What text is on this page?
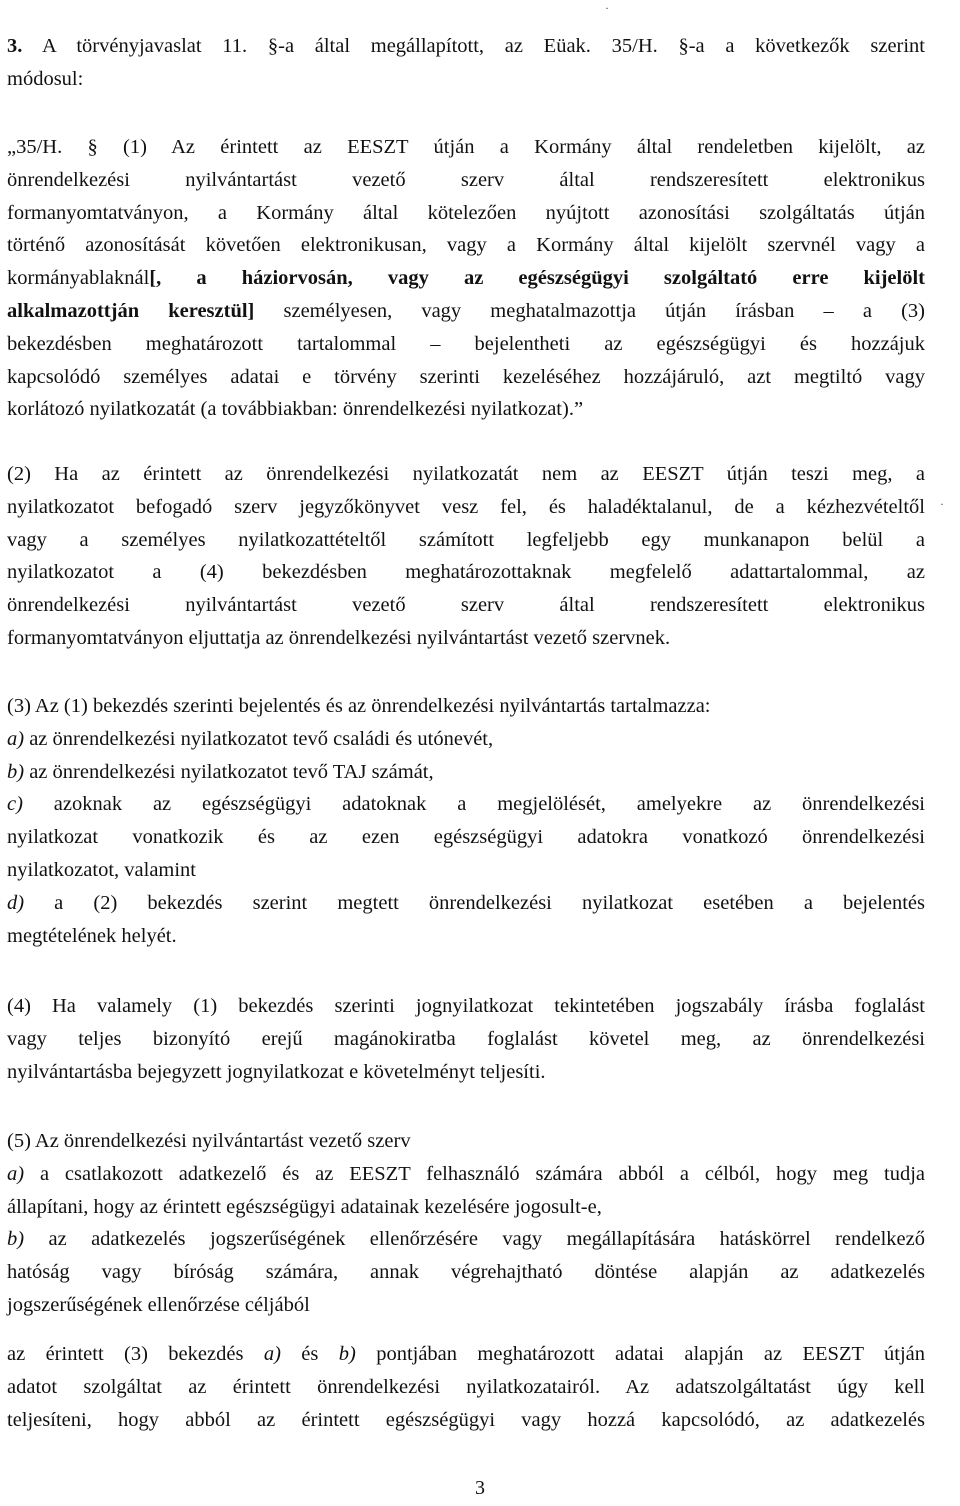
3. A törvényjavaslat 11. §-a által megállapított, az Eüak. 35/H. §-a a következők szerint
módosul:
„35/H. § (1) Az érintett az EESZT útján a Kormány által rendeletben kijelölt, az
önrendelkezési nyilvántartást vezető szerv által rendszeresített elektronikus
formanyomtatványon, a Kormány által kötelezően nyújtott azonosítási szolgáltatás útján
történő azonosítását követően elektronikusan, vagy a Kormány által kijelölt szervnél vagy a
kormányablaknál[, a háziorvosán, vagy az egészségügyi szolgáltató erre kijelölt
alkalmazottján keresztül] személyesen, vagy meghatalmazottja útján írásban – a (3)
bekezdésben meghatározott tartalommal – bejelentheti az egészségügyi és hozzájuk
kapcsolódó személyes adatai e törvény szerinti kezeléséhez hozzájáruló, azt megtiltó vagy
korlátozó nyilatkozatát (a továbbiakban: önrendelkezési nyilatkozat).”
(2) Ha az érintett az önrendelkezési nyilatkozatát nem az EESZT útján teszi meg, a
nyilatkozatot befogadó szerv jegyzőkönyvet vesz fel, és haladéktalanul, de a kézhezvételtől
vagy a személyes nyilatkozattételtől számított legfeljebb egy munkanapon belül a
nyilatkozatot a (4) bekezdésben meghatározottaknak megfelelő adattartalommal, az
önrendelkezési nyilvántartást vezető szerv által rendszeresített elektronikus
formanyomtatványon eljuttatja az önrendelkezési nyilvántartást vezető szervnek.
(3) Az (1) bekezdés szerinti bejelentés és az önrendelkezési nyilvántartás tartalmazza:
a) az önrendelkezési nyilatkozatot tevő családi és utónevét,
b) az önrendelkezési nyilatkozatot tevő TAJ számát,
c) azoknak az egészségügyi adatoknak a megjelölését, amelyekre az önrendelkezési
nyilatkozat vonatkozik és az ezen egészségügyi adatokra vonatkozó önrendelkezési
nyilatkozatot, valamint
d) a (2) bekezdés szerint megtett önrendelkezési nyilatkozat esetében a bejelentés
megtételének helyét.
(4) Ha valamely (1) bekezdés szerinti jognyilatkozat tekintetében jogszabály írásba foglalást
vagy teljes bizonyító erejű magánokiratba foglalást követel meg, az önrendelkezési
nyilvántartásba bejegyzett jognyilatkozat e követelményt teljesíti.
(5) Az önrendelkezési nyilvántartást vezető szerv
a) a csatlakozott adatkezelő és az EESZT felhasználó számára abból a célból, hogy meg tudja
állapítani, hogy az érintett egészségügyi adatainak kezelésére jogosult-e,
b) az adatkezelés jogszerűségének ellenőrzésére vagy megállapítására hatáskörrel rendelkező
hatóság vagy bíróság számára, annak végrehajtható döntése alapján az adatkezelés
jogszerűségének ellenőrzése céljából
az érintett (3) bekezdés a) és b) pontjában meghatározott adatai alapján az EESZT útján
adatot szolgáltat az érintett önrendelkezési nyilatkozatairól. Az adatszolgáltatást úgy kell
teljesíteni, hogy abból az érintett egészségügyi vagy hozzá kapcsolódó, az adatkezelés
·
·
3
